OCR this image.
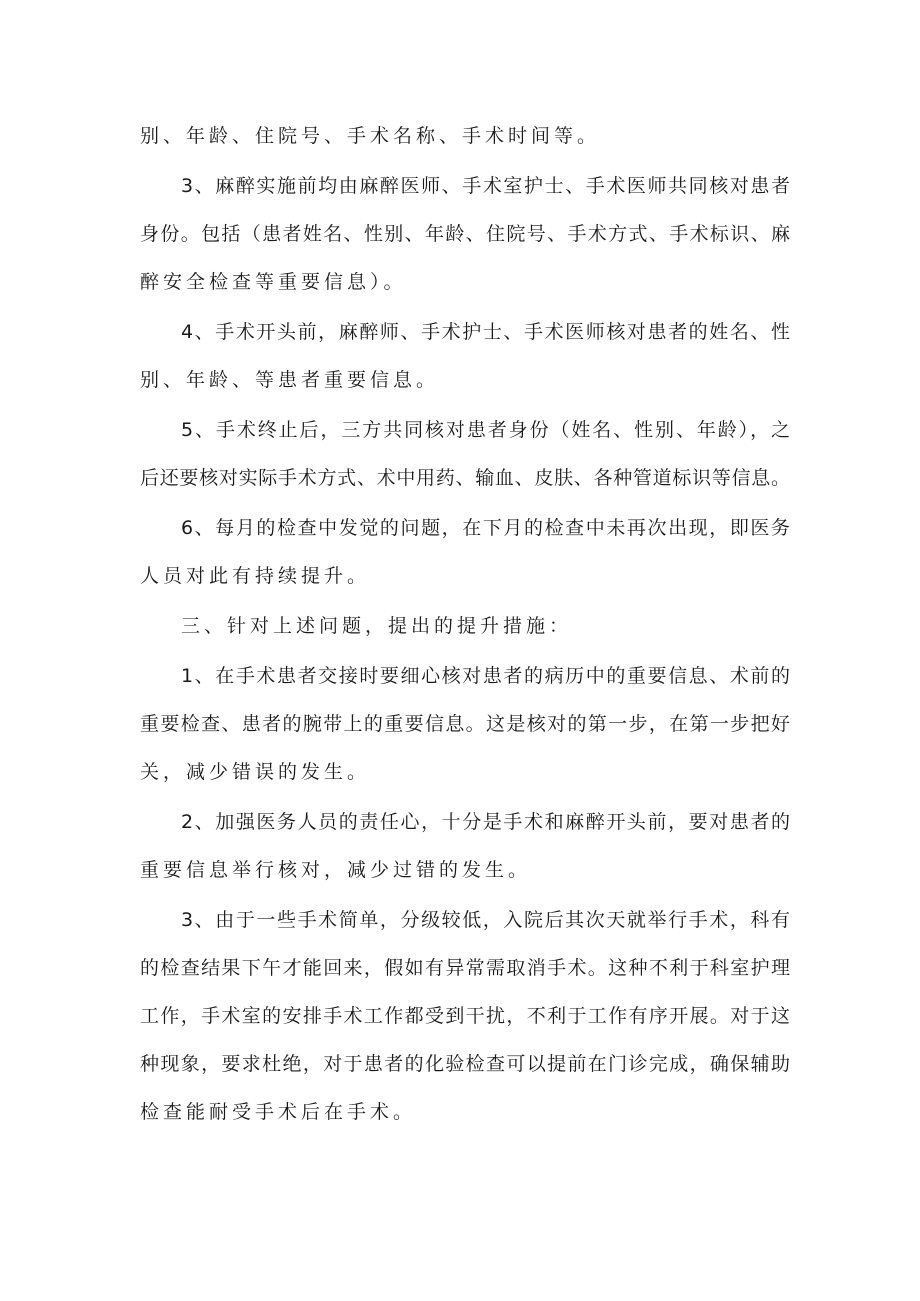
别、年龄、住院号、手术名称、手术时间等。
3、麻醉实施前均由麻醉医师、手术室护士、手术医师共同核对患者
身份。包括（患者姓名、性别、年龄、住院号、手术方式、手术标识、麻
醉安全检查等重要信息）。
4、手术开头前，麻醉师、手术护士、手术医师核对患者的姓名、性
别、年龄、等患者重要信息。
5、手术终止后，三方共同核对患者身份（姓名、性别、年龄），之
后还要核对实际手术方式、术中用药、输血、皮肤、各种管道标识等信息。
6、每月的检查中发觉的问题，在下月的检查中未再次出现，即医务
人员对此有持续提升。
三、针对上述问题，提出的提升措施：
1、在手术患者交接时要细心核对患者的病历中的重要信息、术前的
重要检查、患者的腕带上的重要信息。这是核对的第一步，在第一步把好
关，减少错误的发生。
2、加强医务人员的责任心，十分是手术和麻醉开头前，要对患者的
重要信息举行核对，减少过错的发生。
3、由于一些手术简单，分级较低，入院后其次天就举行手术，科有
的检查结果下午才能回来，假如有异常需取消手术。这种不利于科室护理
工作，手术室的安排手术工作都受到干扰，不利于工作有序开展。对于这
种现象，要求杜绝，对于患者的化验检查可以提前在门诊完成，确保辅助
检查能耐受手术后在手术。
